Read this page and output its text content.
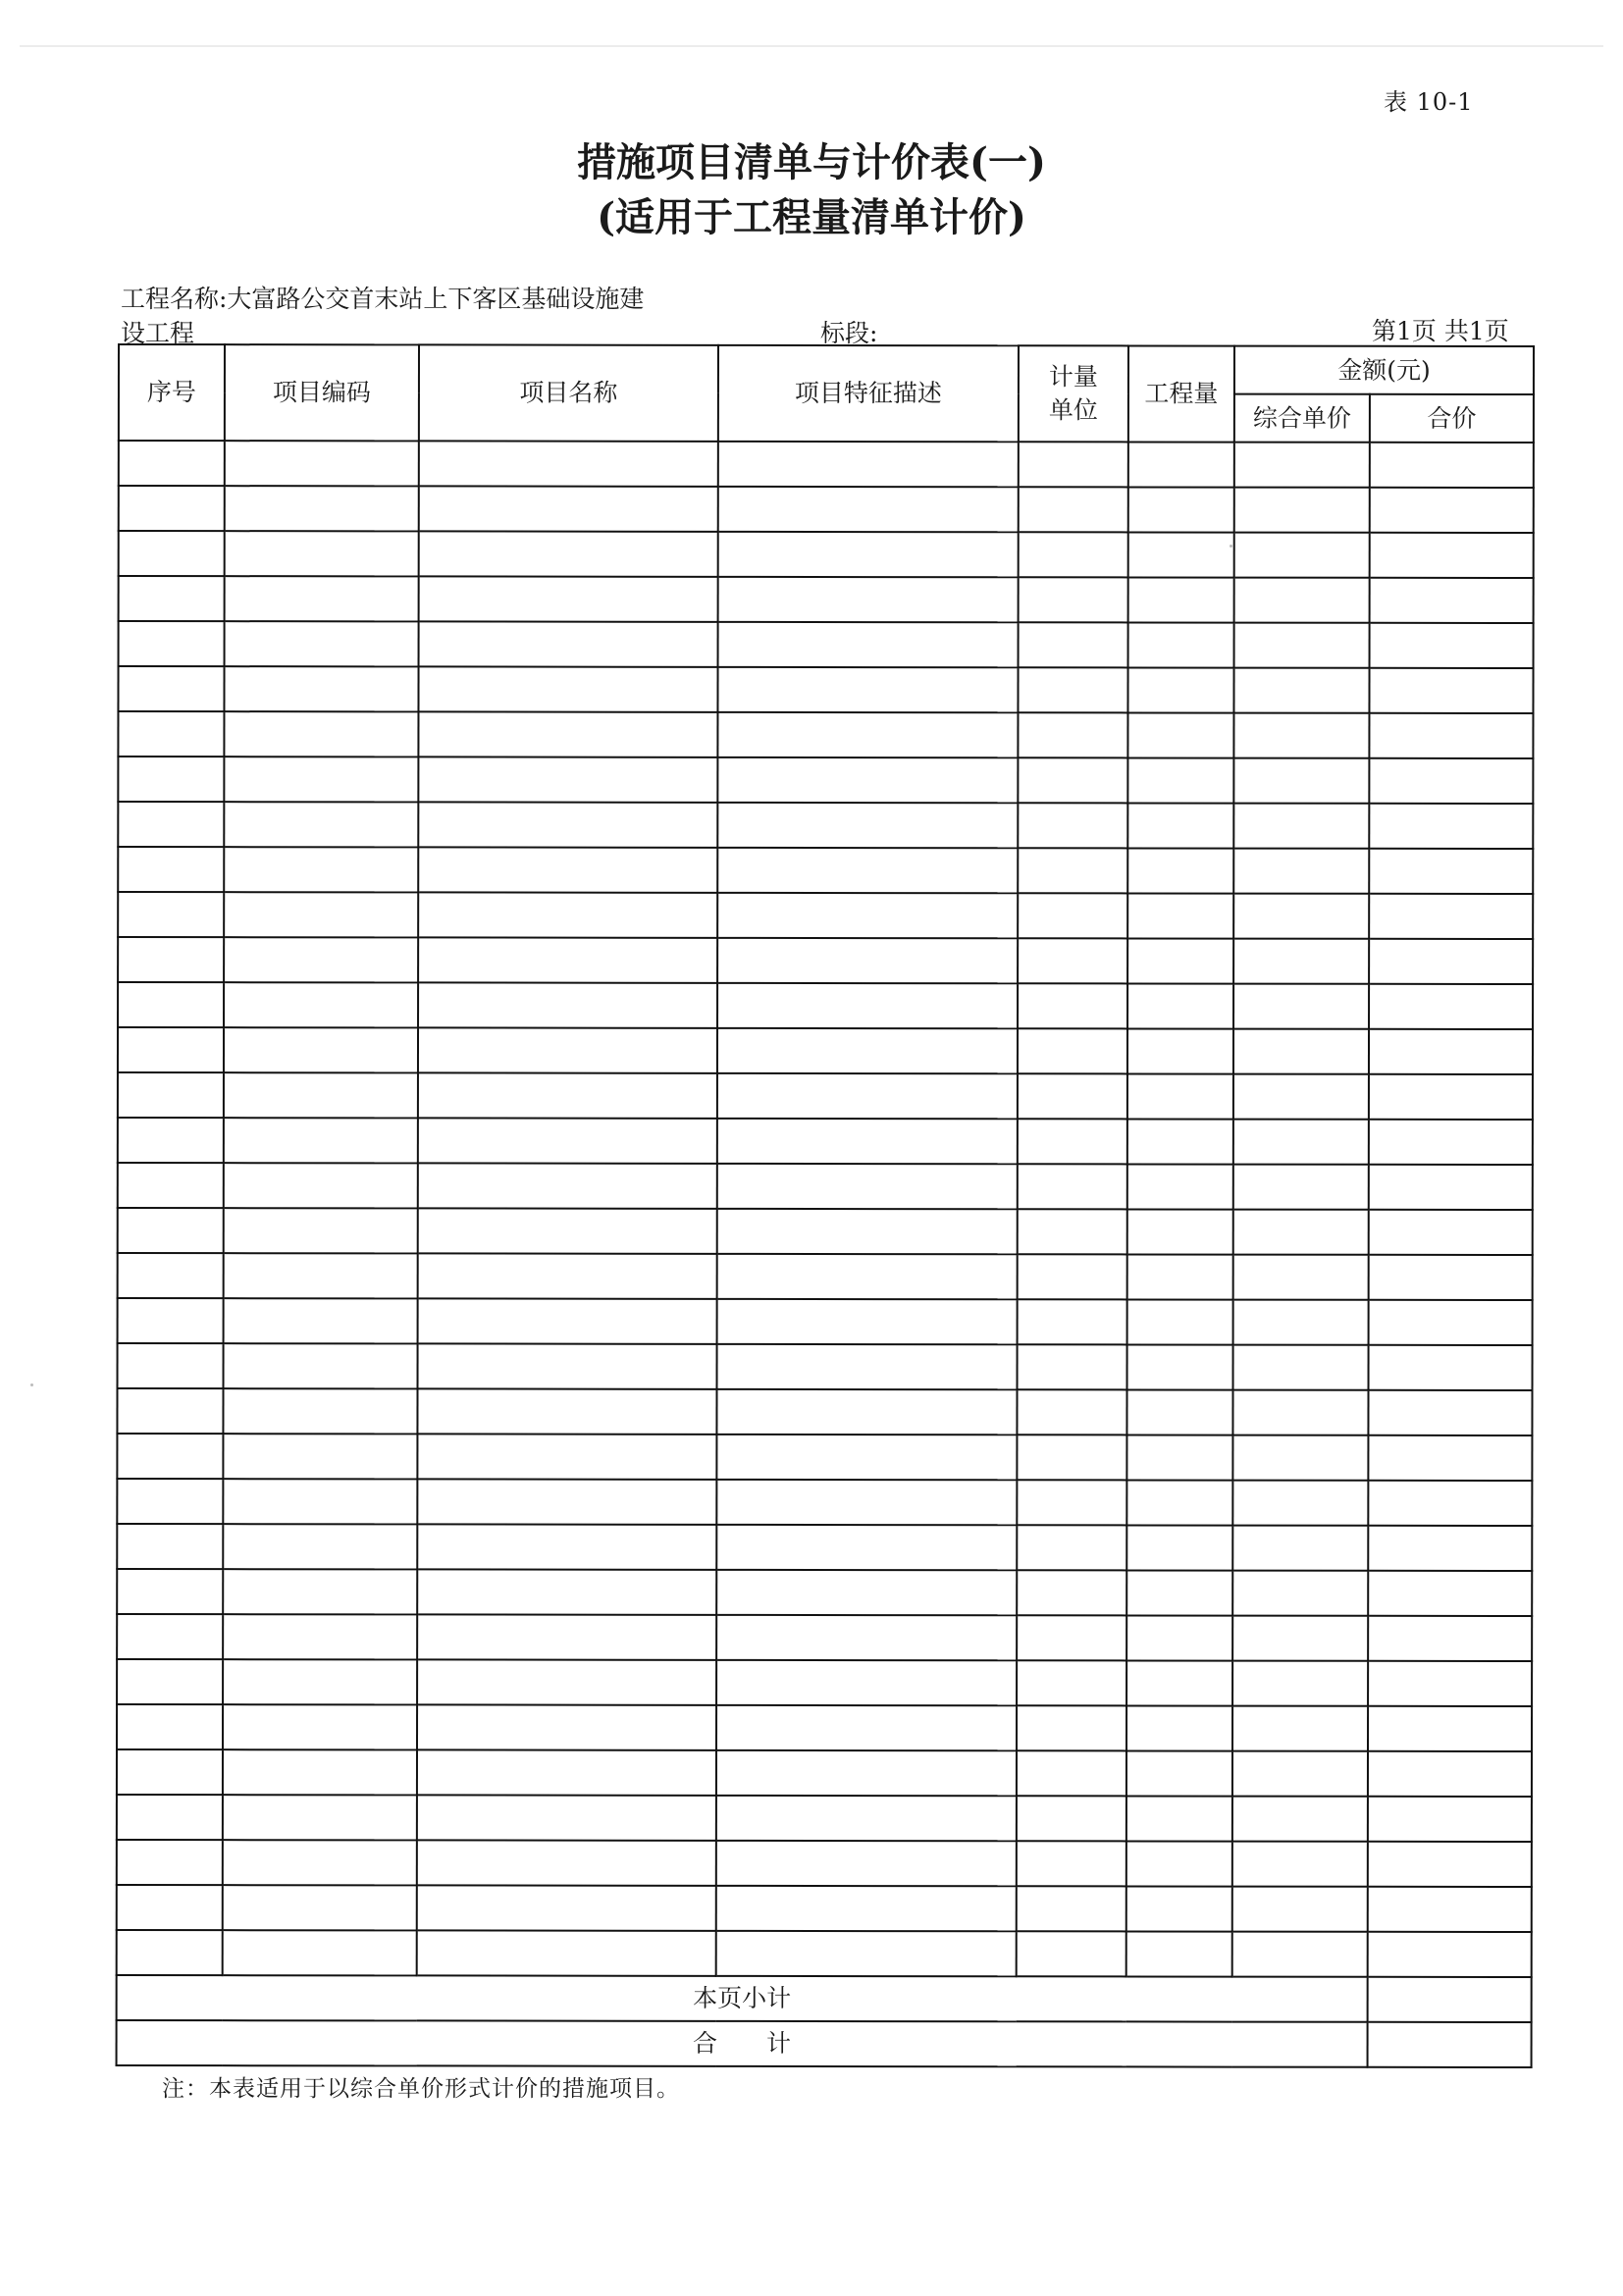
表 10-1
措施项目清单与计价表(一)
(适用于工程量清单计价)
工程名称:大富路公交首末站上下客区基础设施建
设工程	标段:	第1页 共1页
序号	项目编码	项目名称	项目特征描述	计量单位	工程量	金额(元)	
						综合单价	合价

本页小计							
合　　计							
注：本表适用于以综合单价形式计价的措施项目。
